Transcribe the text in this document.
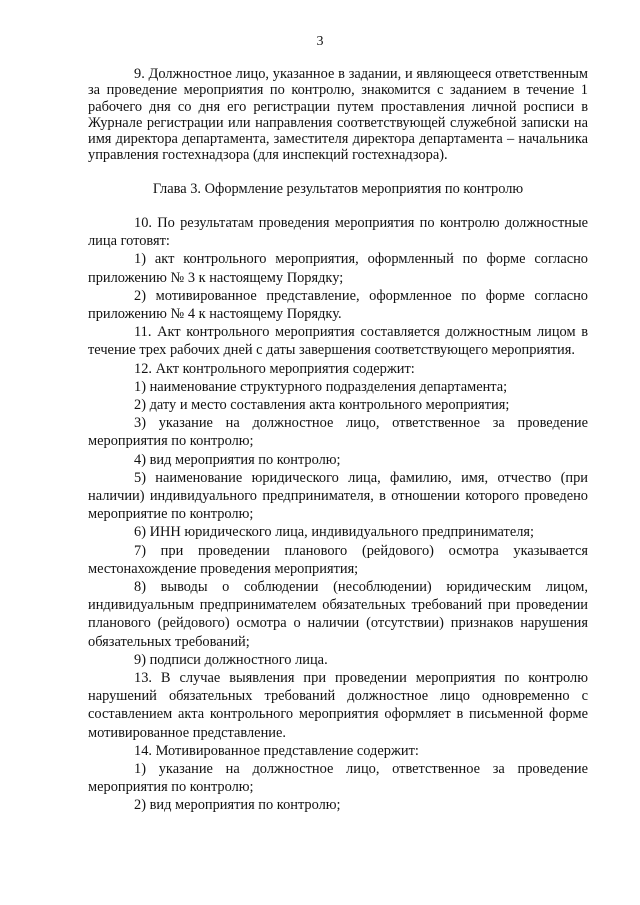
3

9. Должностное лицо, указанное в задании, и являющееся ответственным за проведение мероприятия по контролю, знакомится с заданием в течение 1 рабочего дня со дня его регистрации путем проставления личной росписи в Журнале регистрации или направления соответствующей служебной записки на имя директора департамента, заместителя директора департамента – начальника управления гостехнадзора (для инспекций гостехнадзора).

Глава 3. Оформление результатов мероприятия по контролю

10. По результатам проведения мероприятия по контролю должностные лица готовят:

1) акт контрольного мероприятия, оформленный по форме согласно приложению № 3 к настоящему Порядку;

2) мотивированное представление, оформленное по форме согласно приложению № 4 к настоящему Порядку.

11. Акт контрольного мероприятия составляется должностным лицом в течение трех рабочих дней с даты завершения соответствующего мероприятия.

12. Акт контрольного мероприятия содержит:

1) наименование структурного подразделения департамента;

2) дату и место составления акта контрольного мероприятия;

3) указание на должностное лицо, ответственное за проведение мероприятия по контролю;

4) вид мероприятия по контролю;

5) наименование юридического лица, фамилию, имя, отчество (при наличии) индивидуального предпринимателя, в отношении которого проведено мероприятие по контролю;

6) ИНН юридического лица, индивидуального предпринимателя;

7) при проведении планового (рейдового) осмотра указывается местонахождение проведения мероприятия;

8) выводы о соблюдении (несоблюдении) юридическим лицом, индивидуальным предпринимателем обязательных требований при проведении планового (рейдового) осмотра о наличии (отсутствии) признаков нарушения обязательных требований;

9) подписи должностного лица.

13. В случае выявления при проведении мероприятия по контролю нарушений обязательных требований должностное лицо одновременно с составлением акта контрольного мероприятия оформляет в письменной форме мотивированное представление.

14. Мотивированное представление содержит:

1) указание на должностное лицо, ответственное за проведение мероприятия по контролю;

2) вид мероприятия по контролю;
